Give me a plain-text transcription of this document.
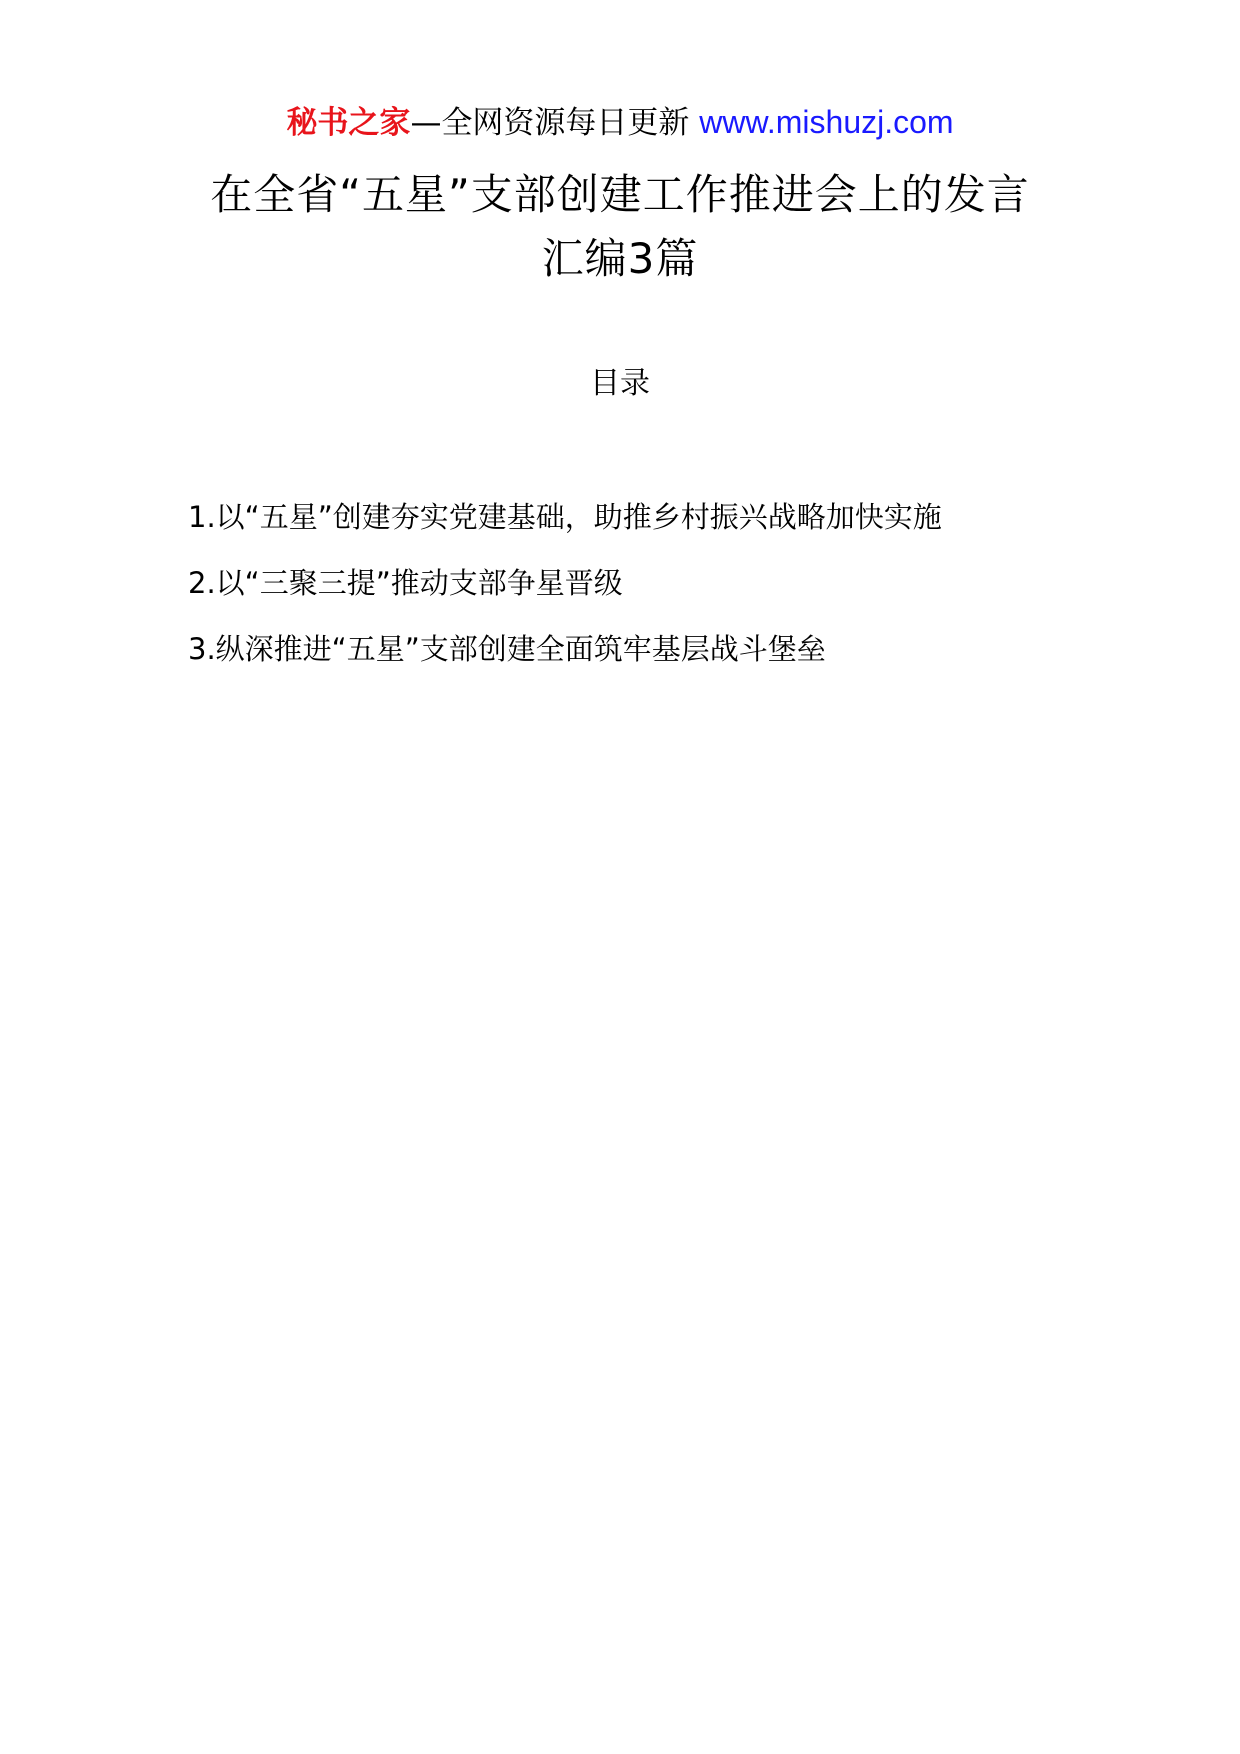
秘书之家—全网资源每日更新 www.mishuzj.com
在全省“五星”支部创建工作推进会上的发言
汇编3篇
目录
1.以“五星”创建夯实党建基础，助推乡村振兴战略加快实施
2.以“三聚三提”推动支部争星晋级
3.纵深推进“五星”支部创建全面筑牢基层战斗堡垒
